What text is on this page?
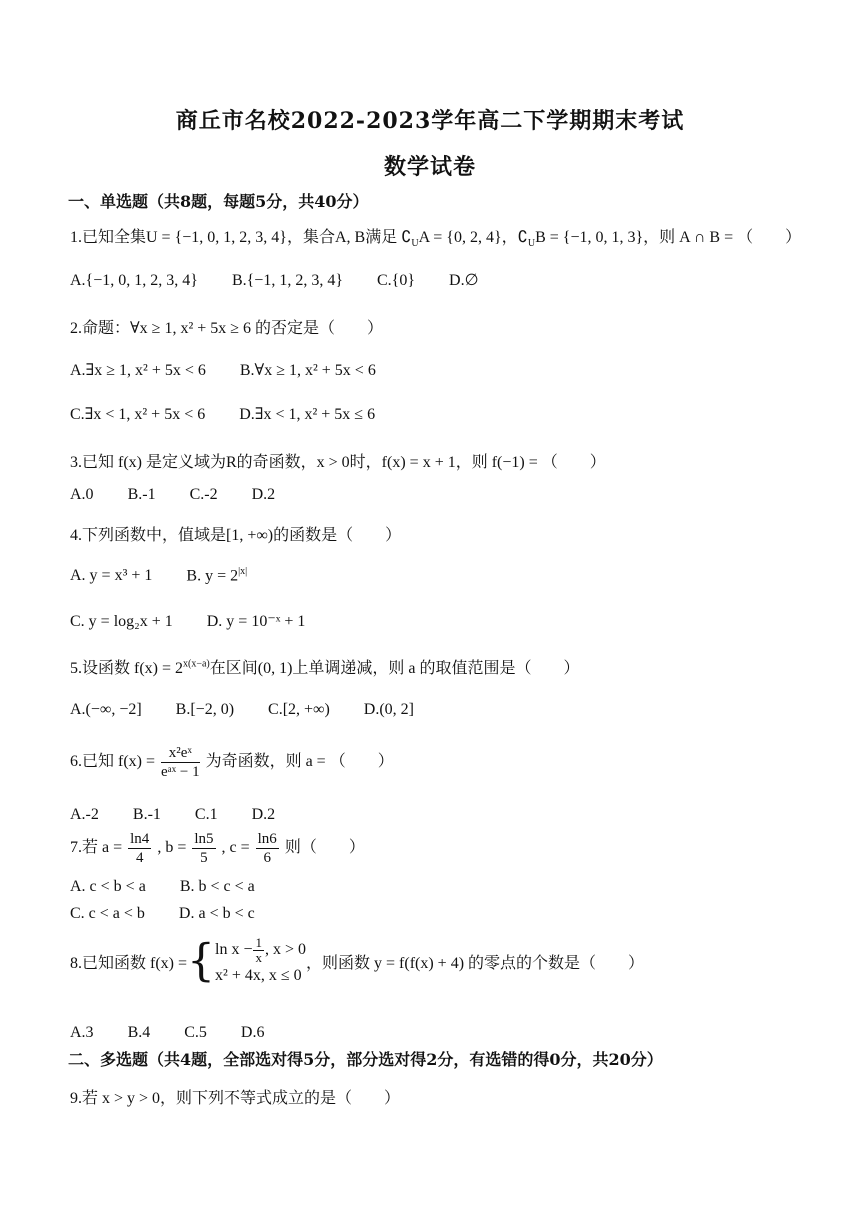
商丘市名校2022-2023学年高二下学期期末考试
数学试卷
一、单选题（共8题，每题5分，共40分）
1.已知全集U = {−1, 0, 1, 2, 3, 4}，集合A, B满足 $∁_UA = \{0$, 2, 4}，$∁_UB = \{-1$, 0, 1, 3}，则 A ∩ B = （　　）
A.{−1, 0, 1, 2, 3, 4} B.{−1, 1, 2, 3, 4} C.{0} D.∅
2.命题：∀x ≥ 1, x² + 5x ≥ 6 的否定是（　　）
A.∃x ≥ 1, x² + 5x < 6 B.∀x ≥ 1, x² + 5x < 6
C.∃x < 1, x² + 5x < 6 D.∃x < 1, x² + 5x ≤ 6
3.已知 f(x) 是定义域为R的奇函数，x > 0时，f(x) = x + 1，则 f(−1) = （　　）
A.0 B.-1 C.-2 D.2
4.下列函数中，值域是[1, +∞)的函数是（　　）
A. y = x³ + 1 B. $y = 2^{|x|}$
C. y = log₂x + 1 D. y = 10⁻ˣ + 1
5.设函数 $f(x) = 2^{x(x-a)}$在区间(0, 1)上单调递减，则 a 的取值范围是（　　）
A.(−∞, −2] B.[−2, 0) C.[2, +∞) D.(0, 2]
6.已知 $f(x) = \frac{\text{x²eˣ}}{\text{eᵃˣ − 1}}$ 为奇函数，则 a = （　　）
A.-2 B.-1 C.1 D.2
7.若 $a = \frac{\ln 4}{4}$ , $b = \frac{\ln 5}{5}$ , $c = \frac{\ln 6}{6}$ 则（　　）
A. c < b < a B. b < c < a
C. c < a < b D. a < b < c
8.已知函数 f(x) ={ $\ln x - \frac{1}{x}$ , x > 0
x² + 4x, x ≤ 0
，则函数 y = f(f(x) + 4) 的零点的个数是（　　）
A.3 B.4 C.5 D.6
二、多选题（共4题，全部选对得5分，部分选对得2分，有选错的得0分，共20分）
9.若 x > y > 0，则下列不等式成立的是（　　）
